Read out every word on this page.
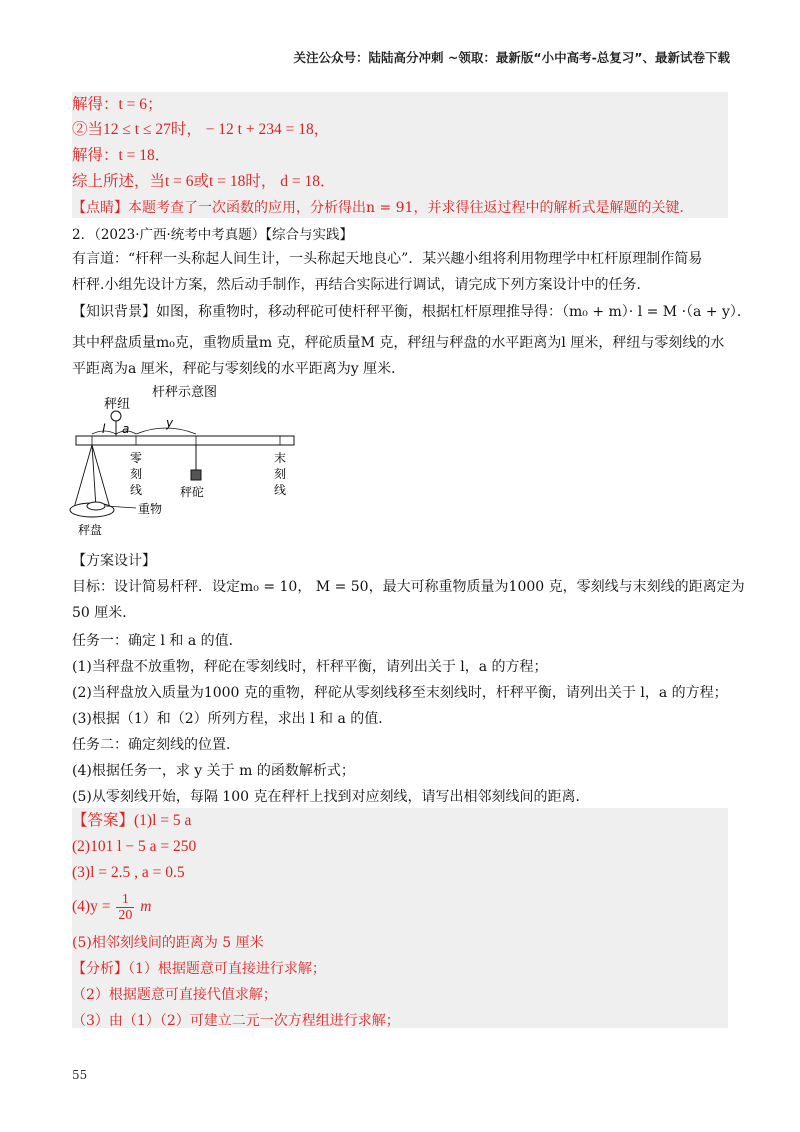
关注公众号：陆陆高分冲刺 ~领取：最新版“小中高考-总复习”、最新试卷下载
解得：t = 6；
②当12 ≤ t ≤ 27时， − 12 t + 234 = 18，
解得：t = 18．
综上所述，当t = 6或t = 18时， d = 18．
【点睛】本题考查了一次函数的应用，分析得出n = 91，并求得往返过程中的解析式是解题的关键．
2．（2023·广西·统考中考真题）【综合与实践】
有言道：“杆秤一头称起人间生计，一头称起天地良心”．某兴趣小组将利用物理学中杠杆原理制作简易
杆秤.小组先设计方案，然后动手制作，再结合实际进行调试，请完成下列方案设计中的任务．
【知识背景】如图，称重物时，移动秤砣可使杆秤平衡，根据杠杆原理推导得：（m₀ + m）· l = M ·（a + y）．
其中秤盘质量m₀克，重物质量m 克，秤砣质量M 克，秤纽与秤盘的水平距离为l 厘米，秤纽与零刻线的水
平距离为a 厘米，秤砣与零刻线的水平距离为y 厘米．
杆秤示意图
秤纽
l a	y
零
刻
线	秤砣
末
刻
线
重物
秤盘
【方案设计】
目标：设计简易杆秤．设定m₀ = 10， M = 50，最大可称重物质量为1000 克，零刻线与末刻线的距离定为
50 厘米．
任务一：确定 l 和 a 的值．
(1)当秤盘不放重物，秤砣在零刻线时，杆秤平衡，请列出关于 l，a 的方程；
(2)当秤盘放入质量为1000 克的重物，秤砣从零刻线移至末刻线时，杆秤平衡，请列出关于 l，a 的方程；
(3)根据（1）和（2）所列方程，求出 l 和 a 的值．
任务二：确定刻线的位置．
(4)根据任务一，求 y 关于 m 的函数解析式；
(5)从零刻线开始，每隔 100 克在秤杆上找到对应刻线，请写出相邻刻线间的距离．
【答案】(1)l = 5 a
(2)101 l − 5 a = 250
(3)l = 2.5 , a = 0.5
$(4)y = \frac{1}{20}$ m
(5)相邻刻线间的距离为 5 厘米
【分析】（1）根据题意可直接进行求解；
（2）根据题意可直接代值求解；
（3）由（1）（2）可建立二元一次方程组进行求解；
55
